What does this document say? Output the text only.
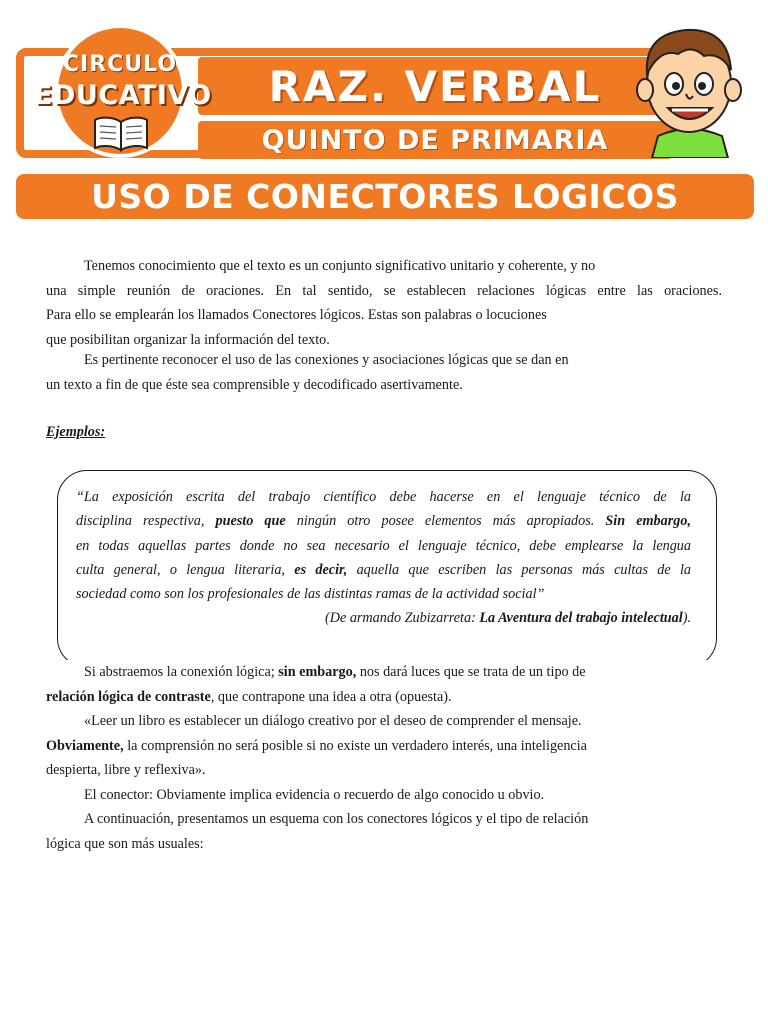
RAZ. VERBAL
QUINTO DE PRIMARIA
CIRCULO
EDUCATIVO
USO DE CONECTORES LOGICOS
Tenemos conocimiento que el texto es un conjunto significativo unitario y coherente, y no
una simple reunión de oraciones. En tal sentido, se establecen relaciones lógicas entre las oraciones.
Para ello se emplearán los llamados Conectores lógicos. Estas son palabras o locuciones
que posibilitan organizar la información del texto.
Es pertinente reconocer el uso de las conexiones y asociaciones lógicas que se dan en
un texto a fin de que éste sea comprensible y decodificado asertivamente.
Ejemplos:
“La exposición escrita del trabajo científico debe hacerse en el lenguaje técnico de la
disciplina respectiva, puesto que ningún otro posee elementos más apropiados. Sin embargo,
en todas aquellas partes donde no sea necesario el lenguaje técnico, debe emplearse la lengua
culta general, o lengua literaria, es decir, aquella que escriben las personas más cultas de la
sociedad como son los profesionales de las distintas ramas de la actividad social”
(De armando Zubizarreta: La Aventura del trabajo intelectual).
Si abstraemos la conexión lógica; sin embargo, nos dará luces que se trata de un tipo de
relación lógica de contraste, que contrapone una idea a otra (opuesta).
«Leer un libro es establecer un diálogo creativo por el deseo de comprender el mensaje.
Obviamente, la comprensión no será posible si no existe un verdadero interés, una inteligencia
despierta, libre y reflexiva».
El conector: Obviamente implica evidencia o recuerdo de algo conocido u obvio.
A continuación, presentamos un esquema con los conectores lógicos y el tipo de relación
lógica que son más usuales:
